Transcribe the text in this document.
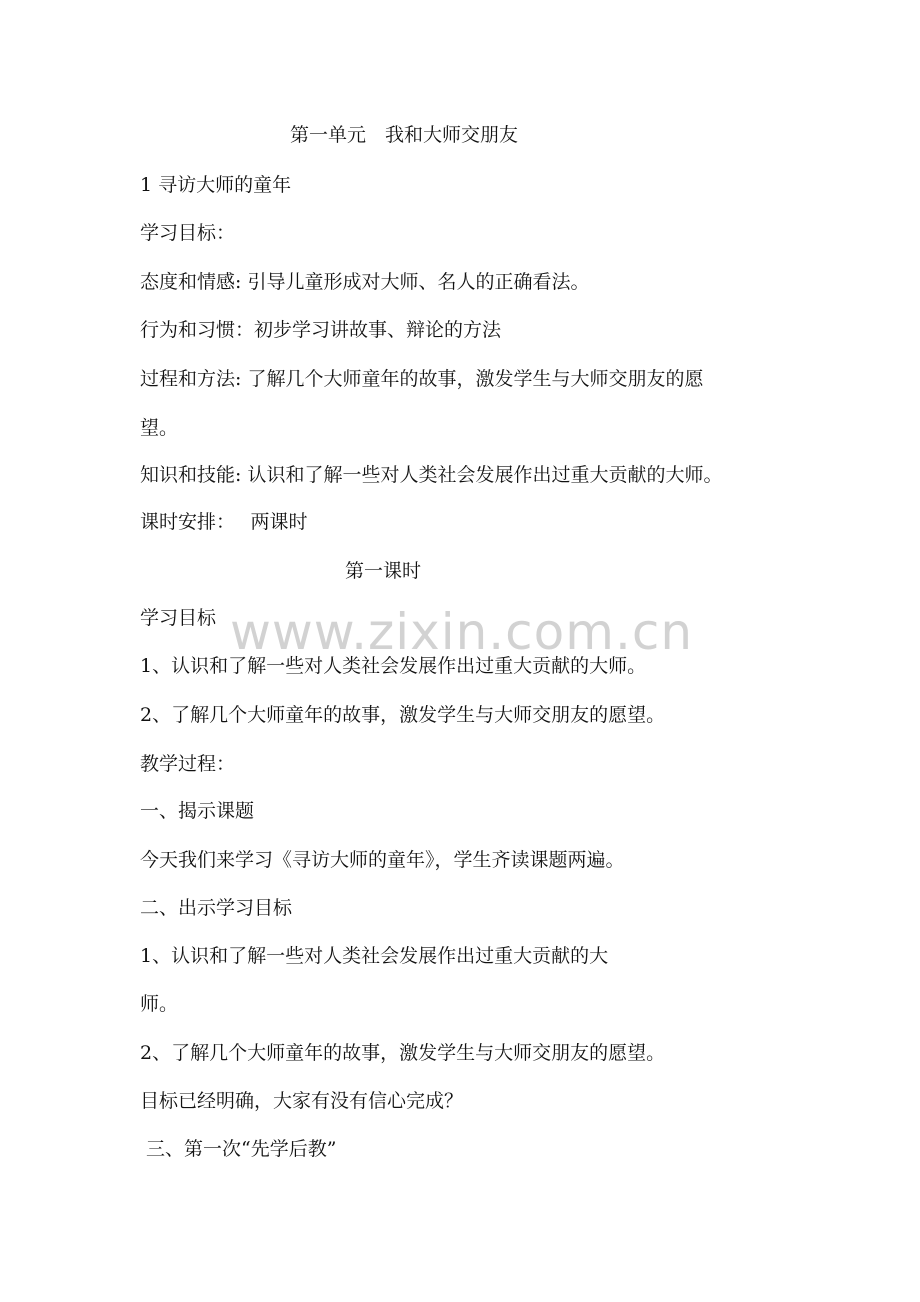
第一单元　我和大师交朋友
1 寻访大师的童年
学习目标：
态度和情感: 引导儿童形成对大师、名人的正确看法。
行为和习惯：初步学习讲故事、辩论的方法
过程和方法: 了解几个大师童年的故事，激发学生与大师交朋友的愿
望。
知识和技能: 认识和了解一些对人类社会发展作出过重大贡献的大师。
课时安排：　 两课时
第一课时
学习目标 www.zixin.com.cn
1、认识和了解一些对人类社会发展作出过重大贡献的大师。
2、了解几个大师童年的故事，激发学生与大师交朋友的愿望。
教学过程：
一、揭示课题
今天我们来学习《寻访大师的童年》，学生齐读课题两遍。
二、出示学习目标
1、认识和了解一些对人类社会发展作出过重大贡献的大
师。
2、了解几个大师童年的故事，激发学生与大师交朋友的愿望。
目标已经明确，大家有没有信心完成？
三、第一次“先学后教”
